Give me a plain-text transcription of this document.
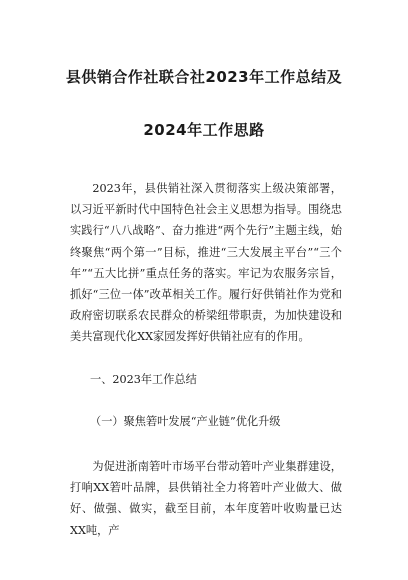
县供销合作社联合社2023年工作总结及
2024年工作思路

2023年，县供销社深入贯彻落实上级决策部署，以习近平新时代中国特色社会主义思想为指导。围绕忠实践行“八八战略”、奋力推进“两个先行”主题主线，始终聚焦“两个第一”目标，推进“三大发展主平台”“三个年”“五大比拼”重点任务的落实。牢记为农服务宗旨，抓好“三位一体”改革相关工作。履行好供销社作为党和政府密切联系农民群众的桥梁纽带职责，为加快建设和美共富现代化XX家园发挥好供销社应有的作用。

一、2023年工作总结

（一）聚焦箬叶发展“产业链”优化升级

为促进浙南箬叶市场平台带动箬叶产业集群建设，打响XX箬叶品牌，县供销社全力将箬叶产业做大、做好、做强、做实，截至目前，本年度箬叶收购量已达XX吨，产
